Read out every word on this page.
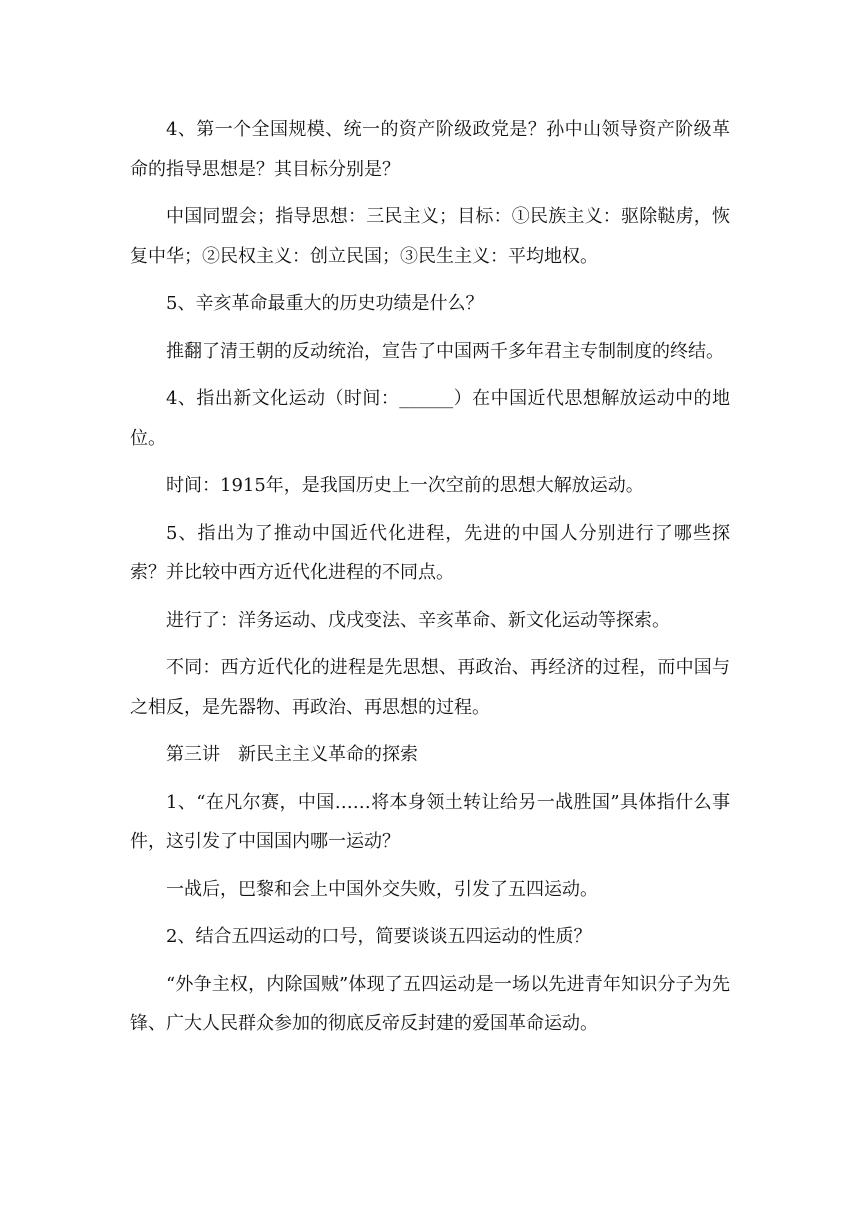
4、第一个全国规模、统一的资产阶级政党是？孙中山领导资产阶级革命的指导思想是？其目标分别是？

中国同盟会；指导思想：三民主义；目标：①民族主义：驱除鞑虏，恢复中华；②民权主义：创立民国；③民生主义：平均地权。

5、辛亥革命最重大的历史功绩是什么？

推翻了清王朝的反动统治，宣告了中国两千多年君主专制制度的终结。

4、指出新文化运动（时间：______）在中国近代思想解放运动中的地位。

时间：1915年，是我国历史上一次空前的思想大解放运动。

5、指出为了推动中国近代化进程，先进的中国人分别进行了哪些探索？并比较中西方近代化进程的不同点。

进行了：洋务运动、戊戌变法、辛亥革命、新文化运动等探索。

不同：西方近代化的进程是先思想、再政治、再经济的过程，而中国与之相反，是先器物、再政治、再思想的过程。

第三讲　新民主主义革命的探索

1、“在凡尔赛，中国……将本身领土转让给另一战胜国”具体指什么事件，这引发了中国国内哪一运动？

一战后，巴黎和会上中国外交失败，引发了五四运动。

2、结合五四运动的口号，简要谈谈五四运动的性质？

“外争主权，内除国贼”体现了五四运动是一场以先进青年知识分子为先锋、广大人民群众参加的彻底反帝反封建的爱国革命运动。
